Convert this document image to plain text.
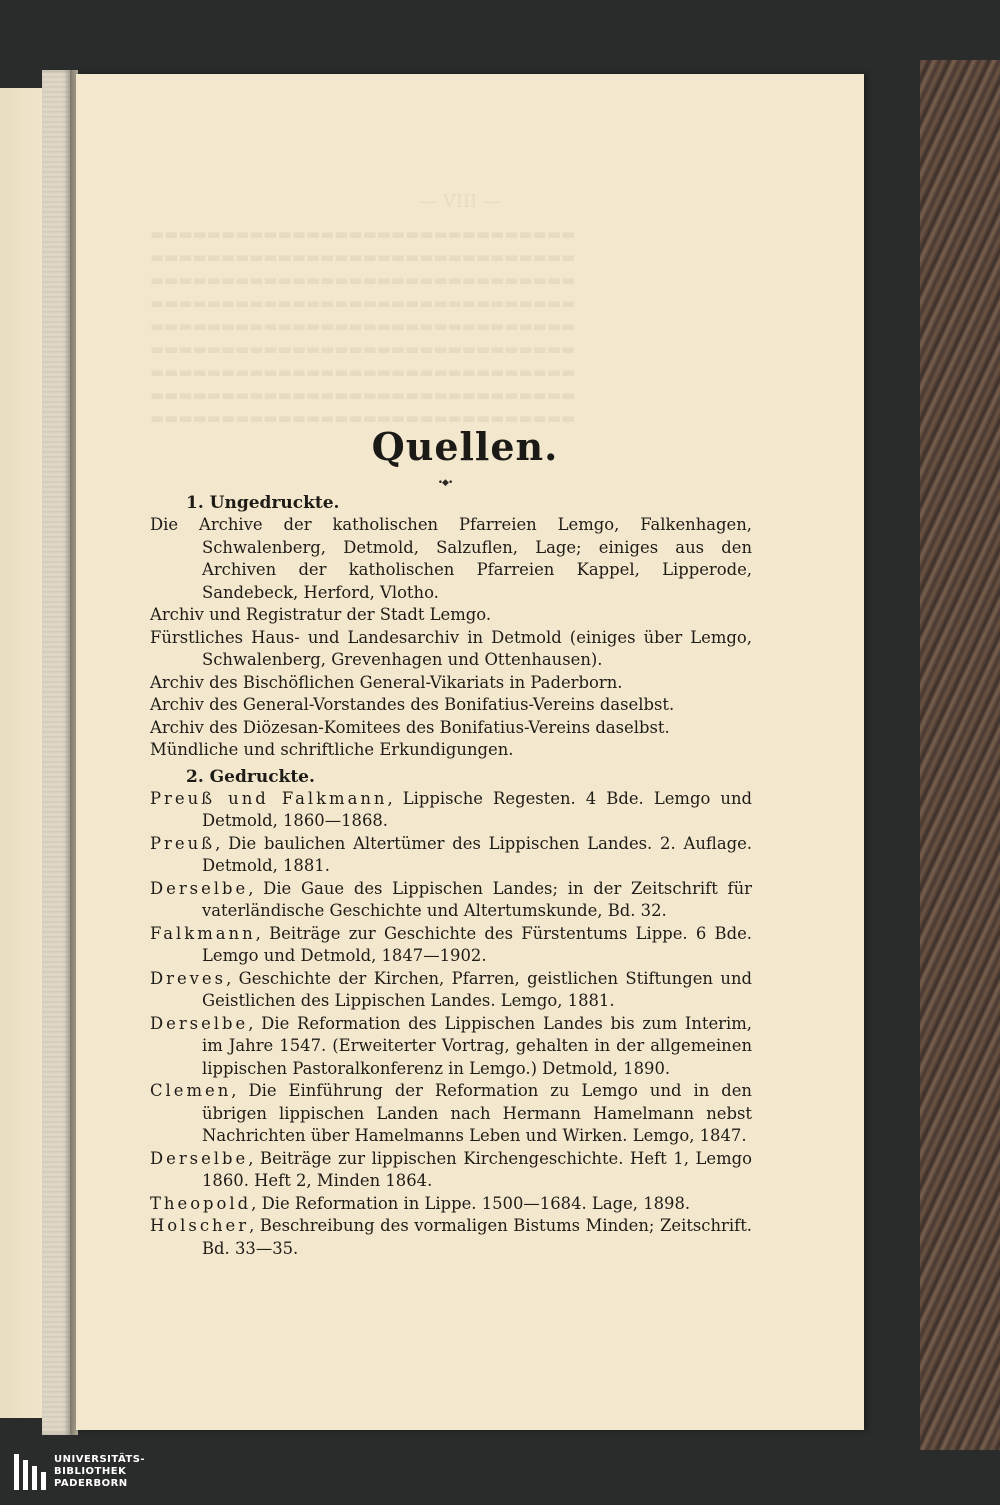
Quellen.
•◆•
1. Ungedruckte.

Die Archive der katholischen Pfarreien Lemgo, Falkenhagen, Schwalenberg, Detmold, Salzuflen, Lage; einiges aus den Archiven der katholischen Pfarreien Kappel, Lipperode, Sandebeck, Herford, Vlotho.

Archiv und Registratur der Stadt Lemgo.

Fürstliches Haus- und Landesarchiv in Detmold (einiges über Lemgo, Schwalenberg, Grevenhagen und Ottenhausen).

Archiv des Bischöflichen General-Vikariats in Paderborn.

Archiv des General-Vorstandes des Bonifatius-Vereins daselbst.

Archiv des Diözesan-Komitees des Bonifatius-Vereins daselbst.

Mündliche und schriftliche Erkundigungen.

2. Gedruckte.

Preuß und Falkmann, Lippische Regesten. 4 Bde. Lemgo und Detmold, 1860—1868.

Preuß, Die baulichen Altertümer des Lippischen Landes. 2. Auflage. Detmold, 1881.

Derselbe, Die Gaue des Lippischen Landes; in der Zeitschrift für vaterländische Geschichte und Altertumskunde, Bd. 32.

Falkmann, Beiträge zur Geschichte des Fürstentums Lippe. 6 Bde. Lemgo und Detmold, 1847—1902.

Dreves, Geschichte der Kirchen, Pfarren, geistlichen Stiftungen und Geistlichen des Lippischen Landes. Lemgo, 1881.

Derselbe, Die Reformation des Lippischen Landes bis zum Interim, im Jahre 1547. (Erweiterter Vortrag, gehalten in der allgemeinen lippischen Pastoralkonferenz in Lemgo.) Detmold, 1890.

Clemen, Die Einführung der Reformation zu Lemgo und in den übrigen lippischen Landen nach Hermann Hamelmann nebst Nachrichten über Hamelmanns Leben und Wirken. Lemgo, 1847.

Derselbe, Beiträge zur lippischen Kirchengeschichte. Heft 1, Lemgo 1860. Heft 2, Minden 1864.

Theopold, Die Reformation in Lippe. 1500—1684. Lage, 1898.

Holscher, Beschreibung des vormaligen Bistums Minden; Zeitschrift. Bd. 33—35.

UNIVERSITÄTS-
BIBLIOTHEK
PADERBORN
